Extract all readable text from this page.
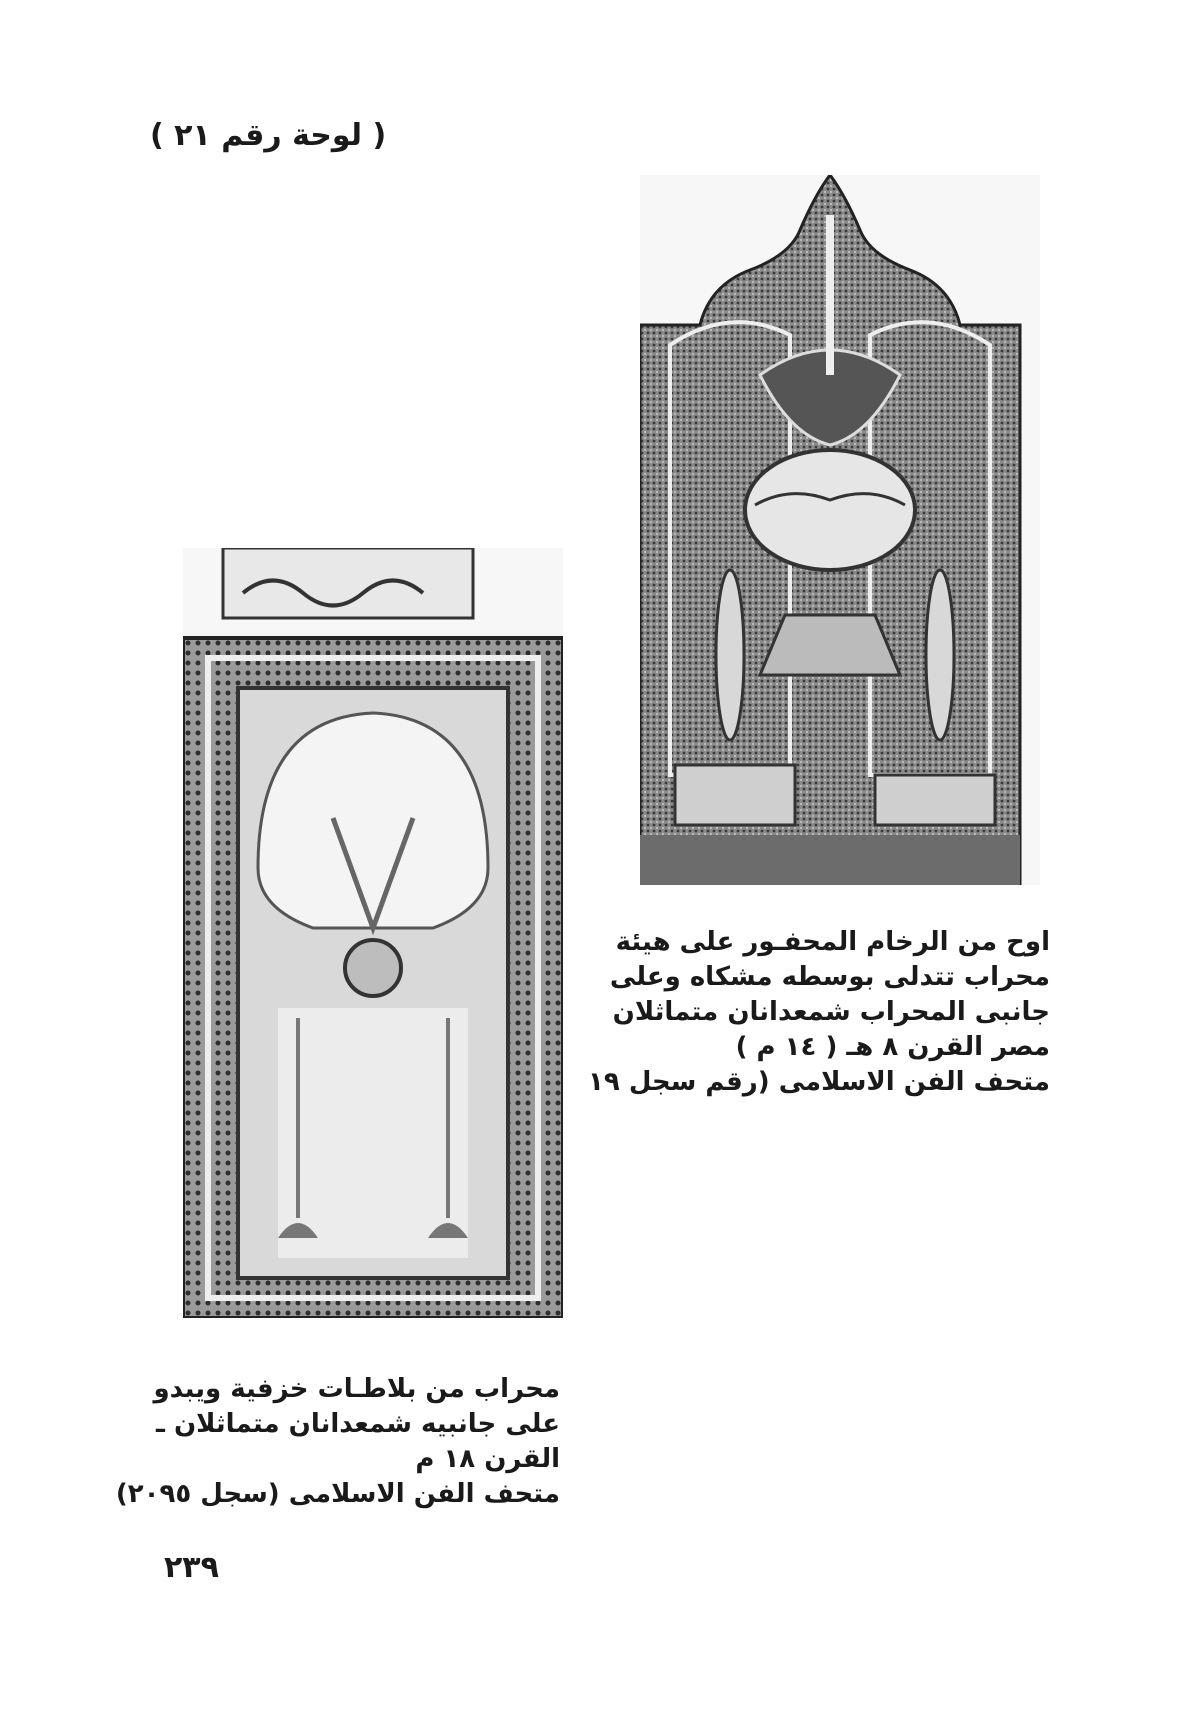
( لوحة رقم ٢١ )
اوح من الرخام المحفـور على هيئة
محراب تتدلى بوسطه مشكاه وعلى
جانبى المحراب شمعدانان متماثلان
مصر القرن ٨ هـ ( ١٤ م )
متحف الفن الاسلامى (رقم سجل ١٩
محراب من بلاطـات خزفية ويبدو
على جانبيه شمعدانان متماثلان ـ
القرن ١٨ م
متحف الفن الاسلامى (سجل ٢٠٩٥)
٢٣٩
